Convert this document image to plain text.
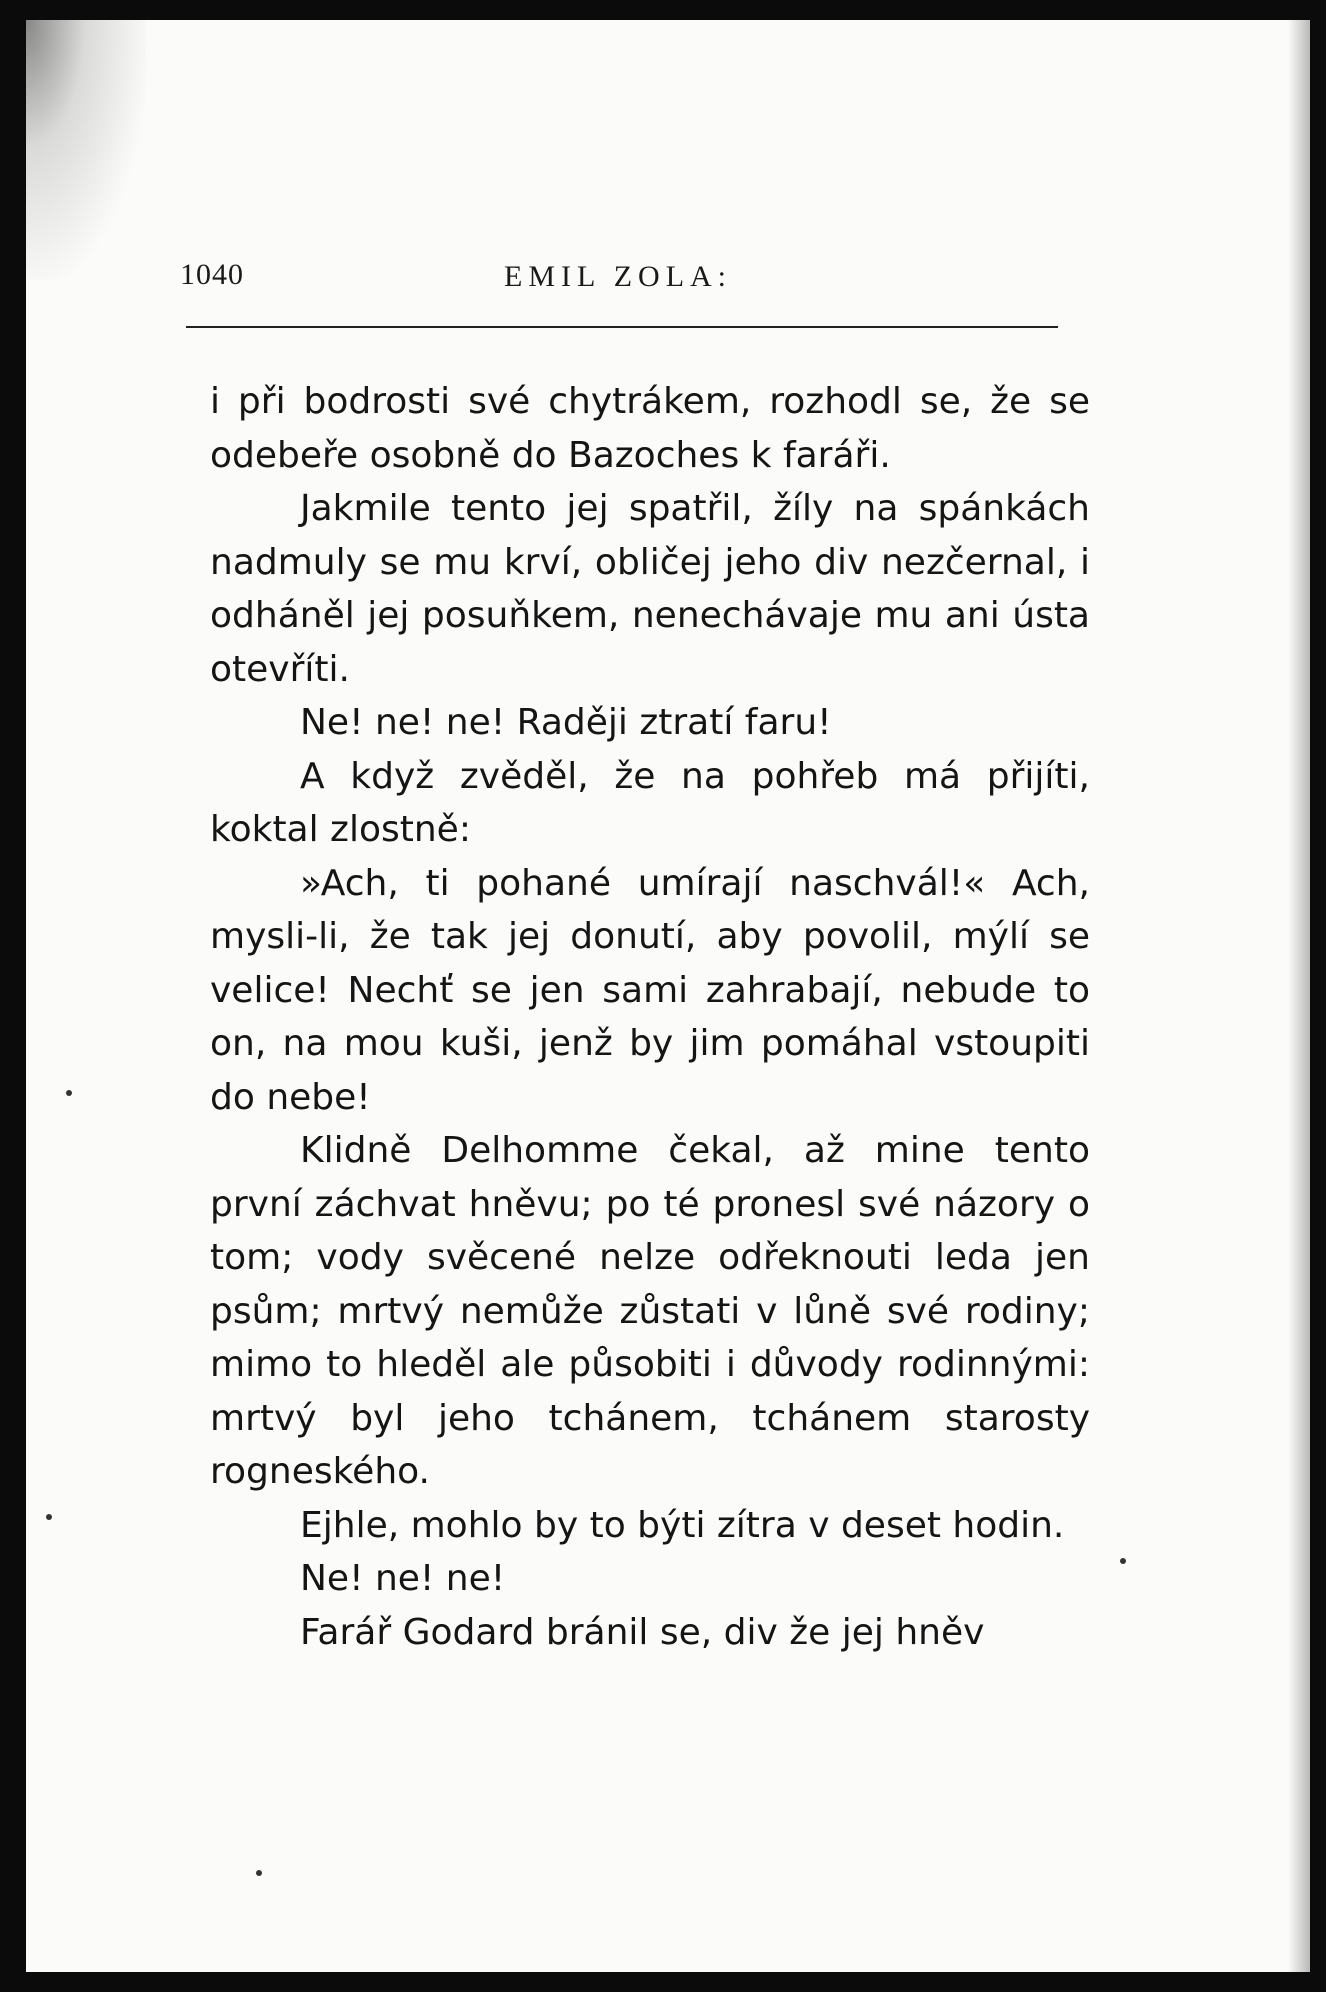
1040	EMIL ZOLA:

i při bodrosti své chytrákem, rozhodl se, že se odebeře osobně do Bazoches k faráři.

Jakmile tento jej spatřil, žíly na spánkách nadmuly se mu krví, obličej jeho div nezčernal, i odháněl jej posuňkem, nenechávaje mu ani ústa otevříti.

Ne! ne! ne! Raději ztratí faru!

A když zvěděl, že na pohřeb má přijíti, koktal zlostně:

»Ach, ti pohané umírají naschvál!« Ach, mysli-li, že tak jej donutí, aby povolil, mýlí se velice! Nechť se jen sami zahrabají, nebude to on, na mou kuši, jenž by jim pomáhal vstoupiti do nebe!

Klidně Delhomme čekal, až mine tento první záchvat hněvu; po té pronesl své názory o tom; vody svěcené nelze odřeknouti leda jen psům; mrtvý nemůže zůstati v lůně své rodiny; mimo to hleděl ale působiti i důvody rodinnými: mrtvý byl jeho tchánem, tchánem starosty rogneského.

Ejhle, mohlo by to býti zítra v deset hodin.

Ne! ne! ne!

Farář Godard bránil se, div že jej hněv
